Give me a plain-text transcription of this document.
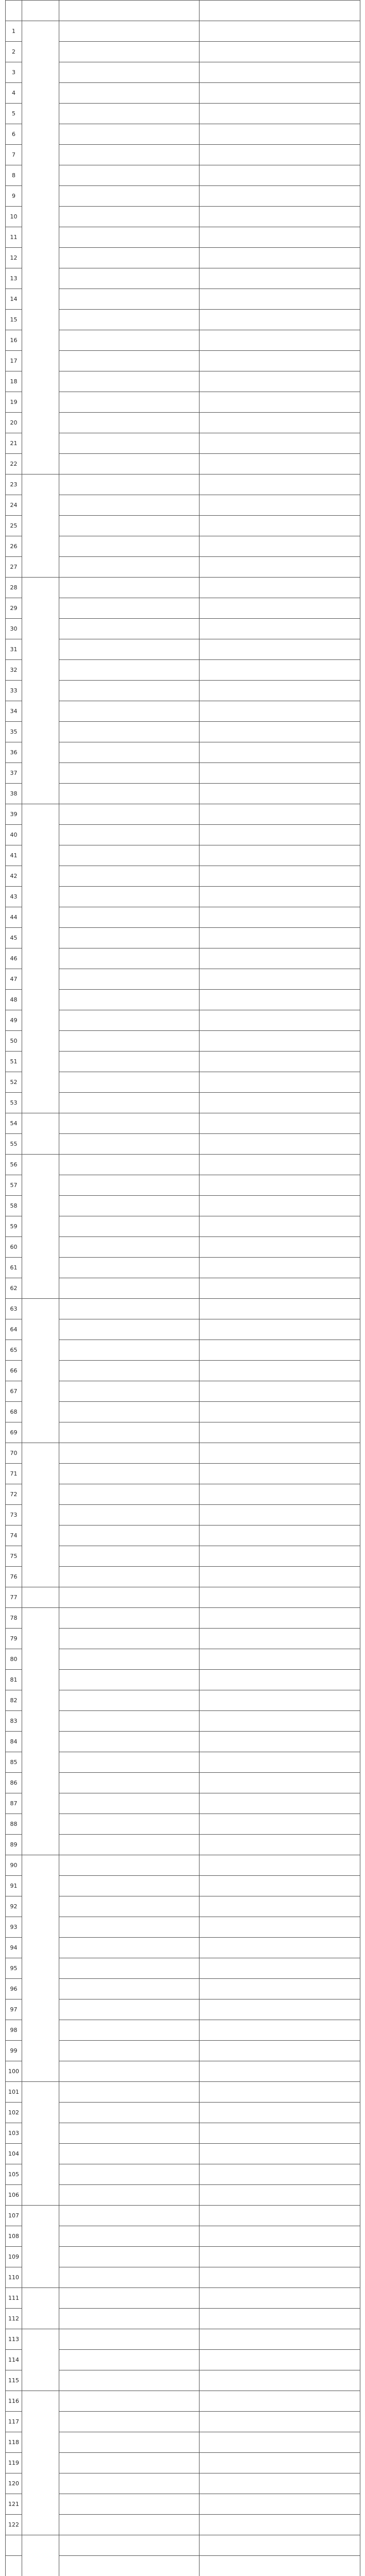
1			
2			
3			
4			
5			
6			
7			
8			
9			
10			
11			
12			
13			
14			
15			
16			
17			
18			
19			
20			
21			
22			
23			
24			
25			
26			
27			
28			
29			
30			
31			
32			
33			
34			
35			
36			
37			
38			
39			
40			
41			
42			
43			
44			
45			
46			
47			
48			
49			
50			
51			
52			
53			
54			
55			
56			
57			
58			
59			
60			
61			
62			
63			
64			
65			
66			
67			
68			
69			
70			
71			
72			
73			
74			
75			
76			
77			
78			
79			
80			
81			
82			
83			
84			
85			
86			
87			
88			
89			
90			
91			
92			
93			
94			
95			
96			
97			
98			
99			
100			
101			
102			
103			
104			
105			
106			
107			
108			
109			
110			
111			
112			
113			
114			
115			
116			
117			
118			
119			
120			
121			
122			
